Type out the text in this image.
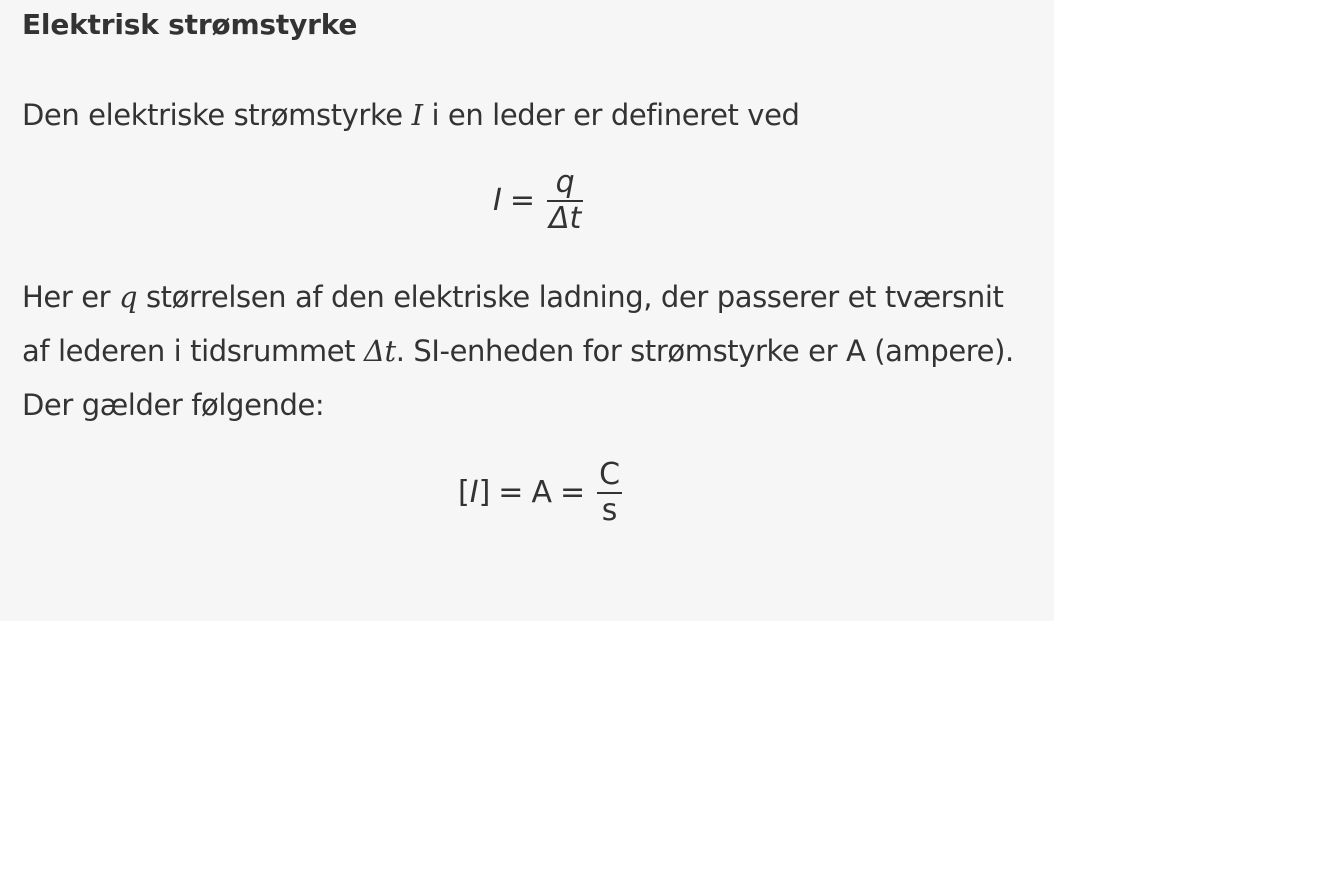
Elektrisk strømstyrke

Den elektriske strømstyrke I i en leder er defineret ved

$I = \frac{q}{\Delta t}$

Her er q størrelsen af den elektriske ladning, der passerer et tværsnit af lederen i tidsrummet Δt. SI-enheden for strømstyrke er A (ampere). Der gælder følgende:

$[I] = A = \frac{C}{s}$
